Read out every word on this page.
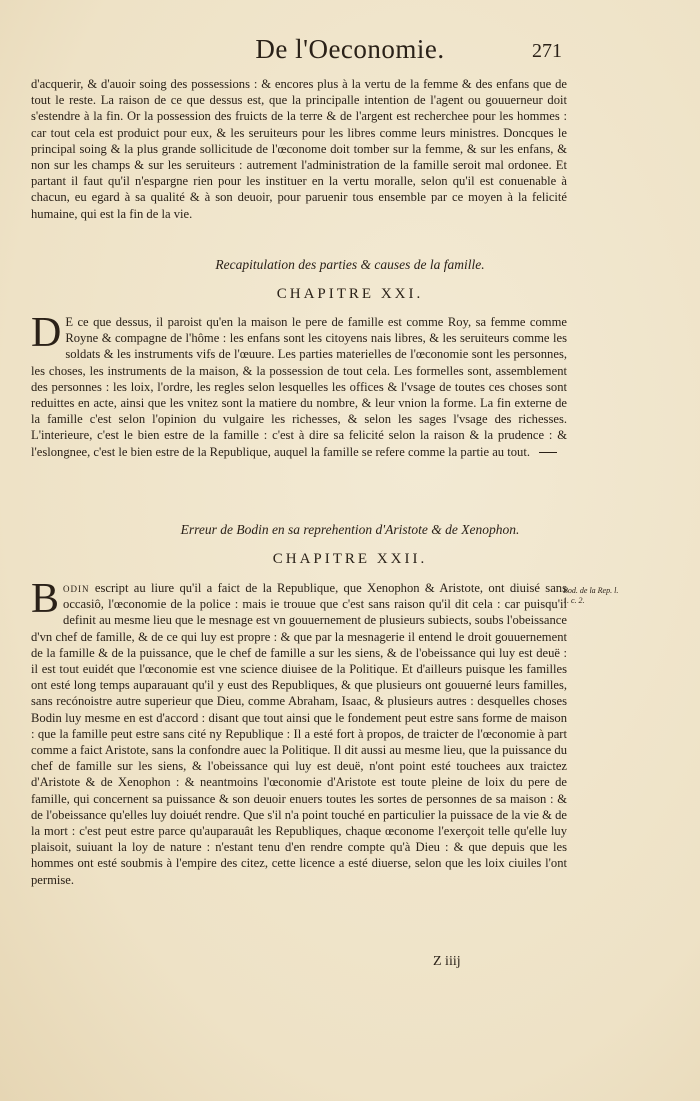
De l'Oeconomie.	271

d'acquerir, & d'auoir soing des possessions : & encores plus à la vertu de la femme & des enfans que de tout le reste. La raison de ce que dessus est, que la principalle intention de l'agent ou gouuerneur doit s'estendre à la fin. Or la possession des fruicts de la terre & de l'argent est recherchee pour les hommes : car tout cela est produict pour eux, & les seruiteurs pour les libres comme leurs ministres. Doncques le principal soing & la plus grande sollicitude de l'œconome doit tomber sur la femme, & sur les enfans, & non sur les champs & sur les seruiteurs : autrement l'administration de la famille seroit mal ordonee. Et partant il faut qu'il n'espargne rien pour les instituer en la vertu moralle, selon qu'il est conuenable à chacun, eu egard à sa qualité & à son deuoir, pour paruenir tous ensemble par ce moyen à la felicité humaine, qui est la fin de la vie.

Recapitulation des parties & causes de la famille.
CHAPITRE XXI.
D E ce que dessus, il paroist qu'en la maison le pere de famille est comme Roy, sa femme comme Royne & compagne de l'hôme : les enfans sont les citoyens nais libres, & les seruiteurs comme les soldats & les instruments vifs de l'œuure. Les parties materielles de l'œconomie sont les personnes, les choses, les instruments de la maison, & la possession de tout cela. Les formelles sont, assemblement des personnes : les loix, l'ordre, les regles selon lesquelles les offices & l'vsage de toutes ces choses sont reduittes en acte, ainsi que les vnitez sont la matiere du nombre, & leur vnion la forme. La fin externe de la famille c'est selon l'opinion du vulgaire les richesses, & selon les sages l'vsage des richesses. L'interieure, c'est le bien estre de la famille : c'est à dire sa felicité selon la raison & la prudence : & l'eslongnee, c'est le bien estre de la Republique, auquel la famille se refere comme la partie au tout.
Erreur de Bodin en sa reprehention d'Aristote & de Xenophon.
CHAPITRE XXII.
B odin escript au liure qu'il a faict de la Republique, que Xenophon & Aristote, ont diuisé sans occasiô, l'œconomie de la police : mais ie trouue que c'est sans raison qu'il dit cela : car puisqu'il definit au mesme lieu que le mesnage est vn gouuernement de plusieurs subiects, soubs l'obeissance d'vn chef de famille, & de ce qui luy est propre : & que par la mesnagerie il entend le droit gouuernement de la famille & de la puissance, que le chef de famille a sur les siens, & de l'obeissance qui luy est deuë : il est tout euidét que l'œconomie est vne science diuisee de la Politique. Et d'ailleurs puisque les familles ont esté long temps auparauant qu'il y eust des Republiques, & que plusieurs ont gouuerné leurs familles, sans recónoistre autre superieur que Dieu, comme Abraham, Isaac, & plusieurs autres : desquelles choses Bodin luy mesme en est d'accord : disant que tout ainsi que le fondement peut estre sans forme de maison : que la famille peut estre sans cité ny Republique : Il a esté fort à propos, de traicter de l'œconomie à part comme a faict Aristote, sans la confondre auec la Politique. Il dit aussi au mesme lieu, que la puissance du chef de famille sur les siens, & l'obeissance qui luy est deuë, n'ont point esté touchees aux traictez d'Aristote & de Xenophon : & neantmoins l'œconomie d'Aristote est toute pleine de loix du pere de famille, qui concernent sa puissance & son deuoir enuers toutes les sortes de personnes de sa maison : & de l'obeissance qu'elles luy doiuét rendre. Que s'il n'a point touché en particulier la puissace de la vie & de la mort : c'est peut estre parce qu'auparauât les Republiques, chaque œconome l'exerçoit telle qu'elle luy plaisoit, suiuant la loy de nature : n'estant tenu d'en rendre compte qu'à Dieu : & que depuis que les hommes ont esté soubmis à l'empire des citez, cette licence a esté diuerse, selon que les loix ciuiles l'ont permise.
Bod. de la Rep. l. 1. c. 2.
Z iiij
